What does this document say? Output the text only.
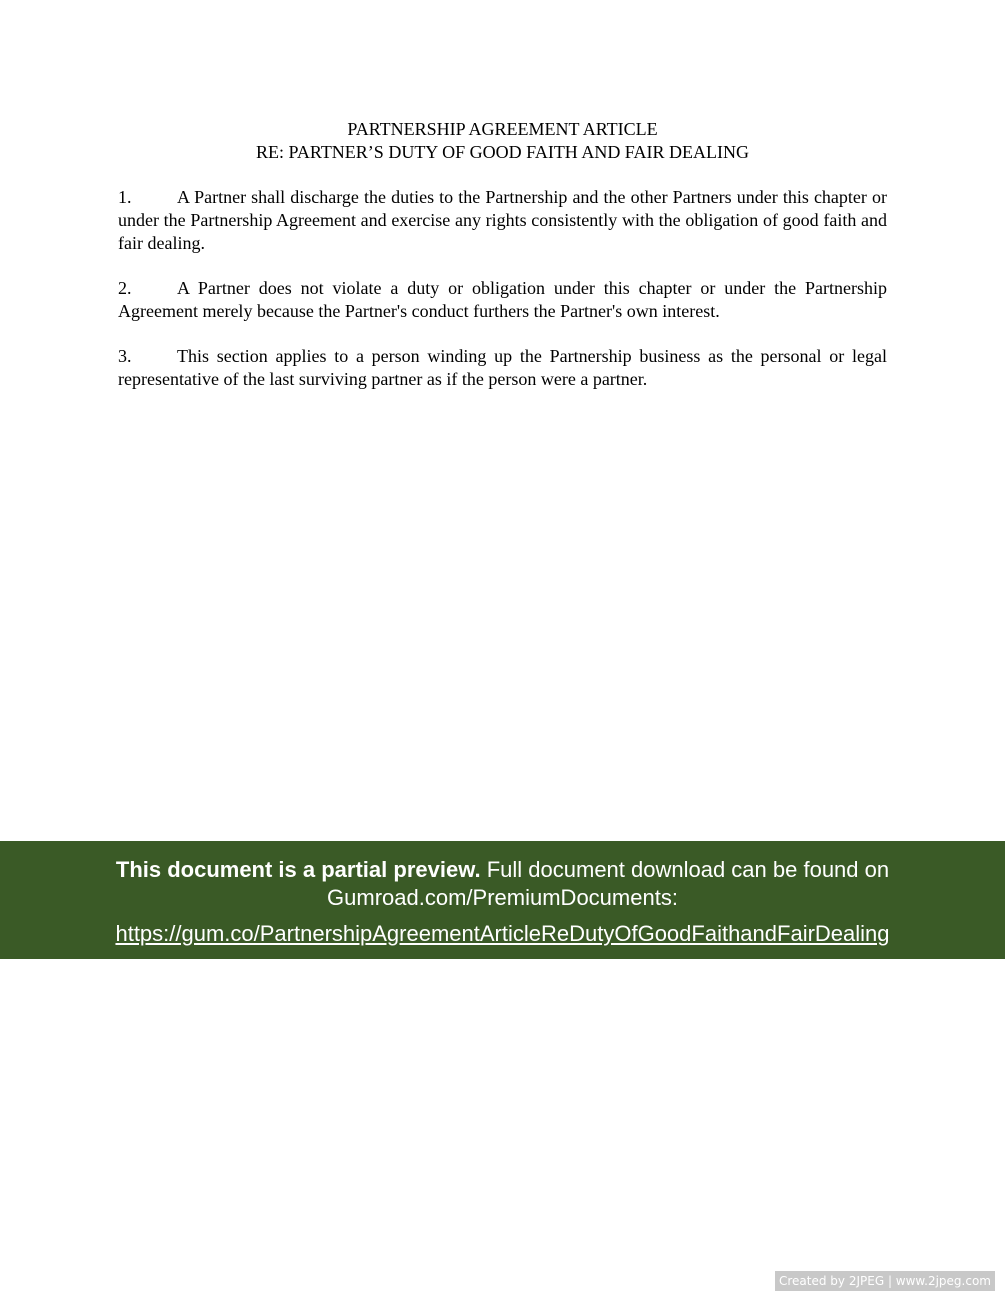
PARTNERSHIP AGREEMENT ARTICLE
RE: PARTNER’S DUTY OF GOOD FAITH AND FAIR DEALING

1.	A Partner shall discharge the duties to the Partnership and the other Partners under this chapter or under the Partnership Agreement and exercise any rights consistently with the obligation of good faith and fair dealing.

2.	A Partner does not violate a duty or obligation under this chapter or under the Partnership Agreement merely because the Partner's conduct furthers the Partner's own interest.

3.	This section applies to a person winding up the Partnership business as the personal or legal representative of the last surviving partner as if the person were a partner.

This document is a partial preview. Full document download can be found on Gumroad.com/PremiumDocuments:
https://gum.co/PartnershipAgreementArticleReDutyOfGoodFaithandFairDealing
Created by 2JPEG | www.2jpeg.com
